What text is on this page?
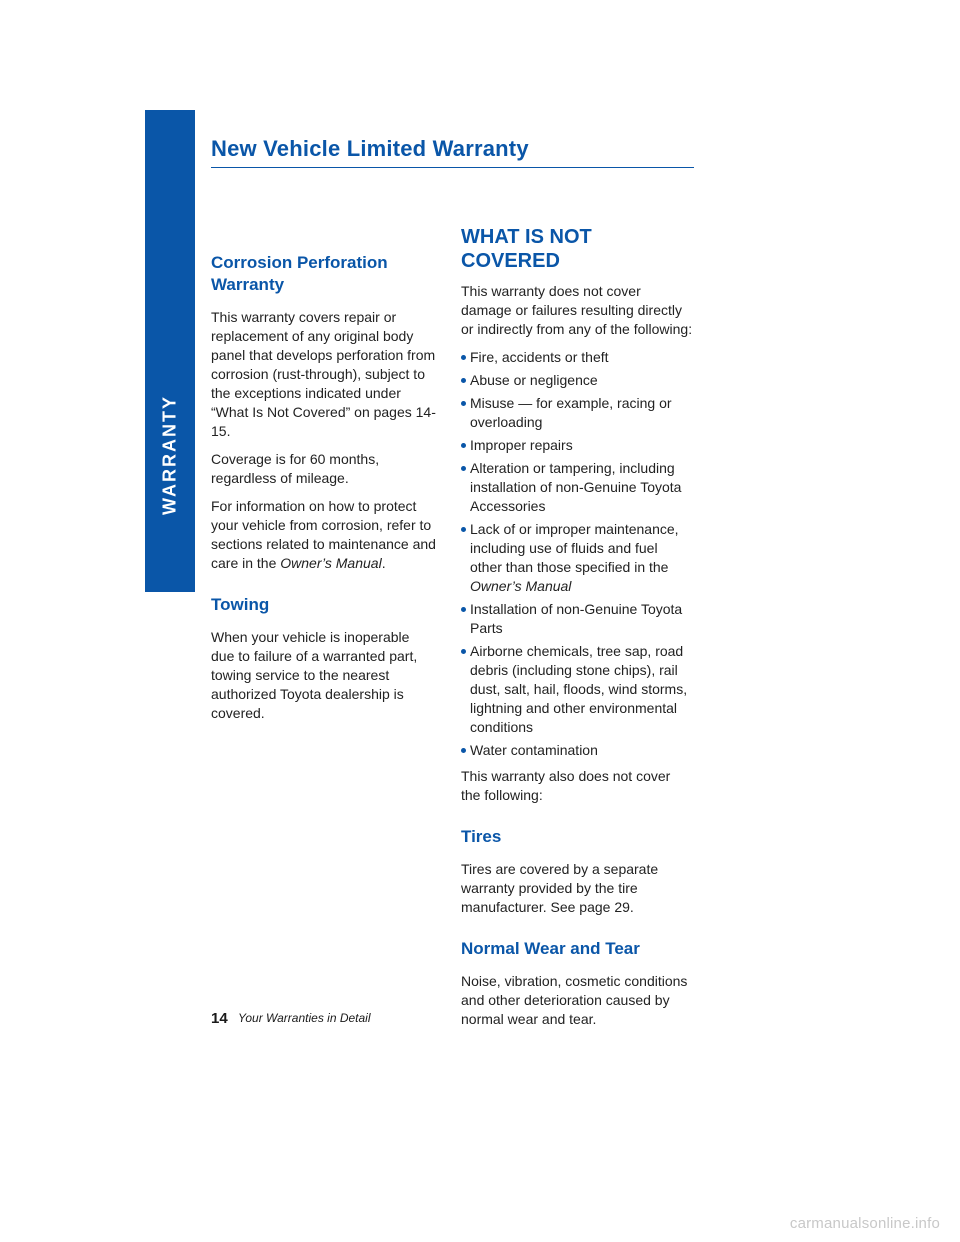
WARRANTY
New Vehicle Limited Warranty
Corrosion Perforation Warranty

This warranty covers repair or replacement of any original body panel that develops perforation from corrosion (rust-through), subject to the exceptions indicated under “What Is Not Covered” on pages 14-15.

Coverage is for 60 months, regardless of mileage.

For information on how to protect your vehicle from corrosion, refer to sections related to maintenance and care in the Owner’s Manual.

Towing

When your vehicle is inoperable due to failure of a warranted part, towing service to the nearest authorized Toyota dealership is covered.

WHAT IS NOT COVERED

This warranty does not cover damage or failures resulting directly or indirectly from any of the following:

Fire, accidents or theft
Abuse or negligence
Misuse — for example, racing or overloading
Improper repairs
Alteration or tampering, including installation of non-Genuine Toyota Accessories
Lack of or improper maintenance, including use of fluids and fuel other than those specified in the Owner’s Manual
Installation of non-Genuine Toyota Parts
Airborne chemicals, tree sap, road debris (including stone chips), rail dust, salt, hail, floods, wind storms, lightning and other environmental conditions
Water contamination

This warranty also does not cover the following:

Tires

Tires are covered by a separate warranty provided by the tire manufacturer. See page 29.

Normal Wear and Tear

Noise, vibration, cosmetic conditions and other deterioration caused by normal wear and tear.

14 Your Warranties in Detail
carmanualsonline.info
